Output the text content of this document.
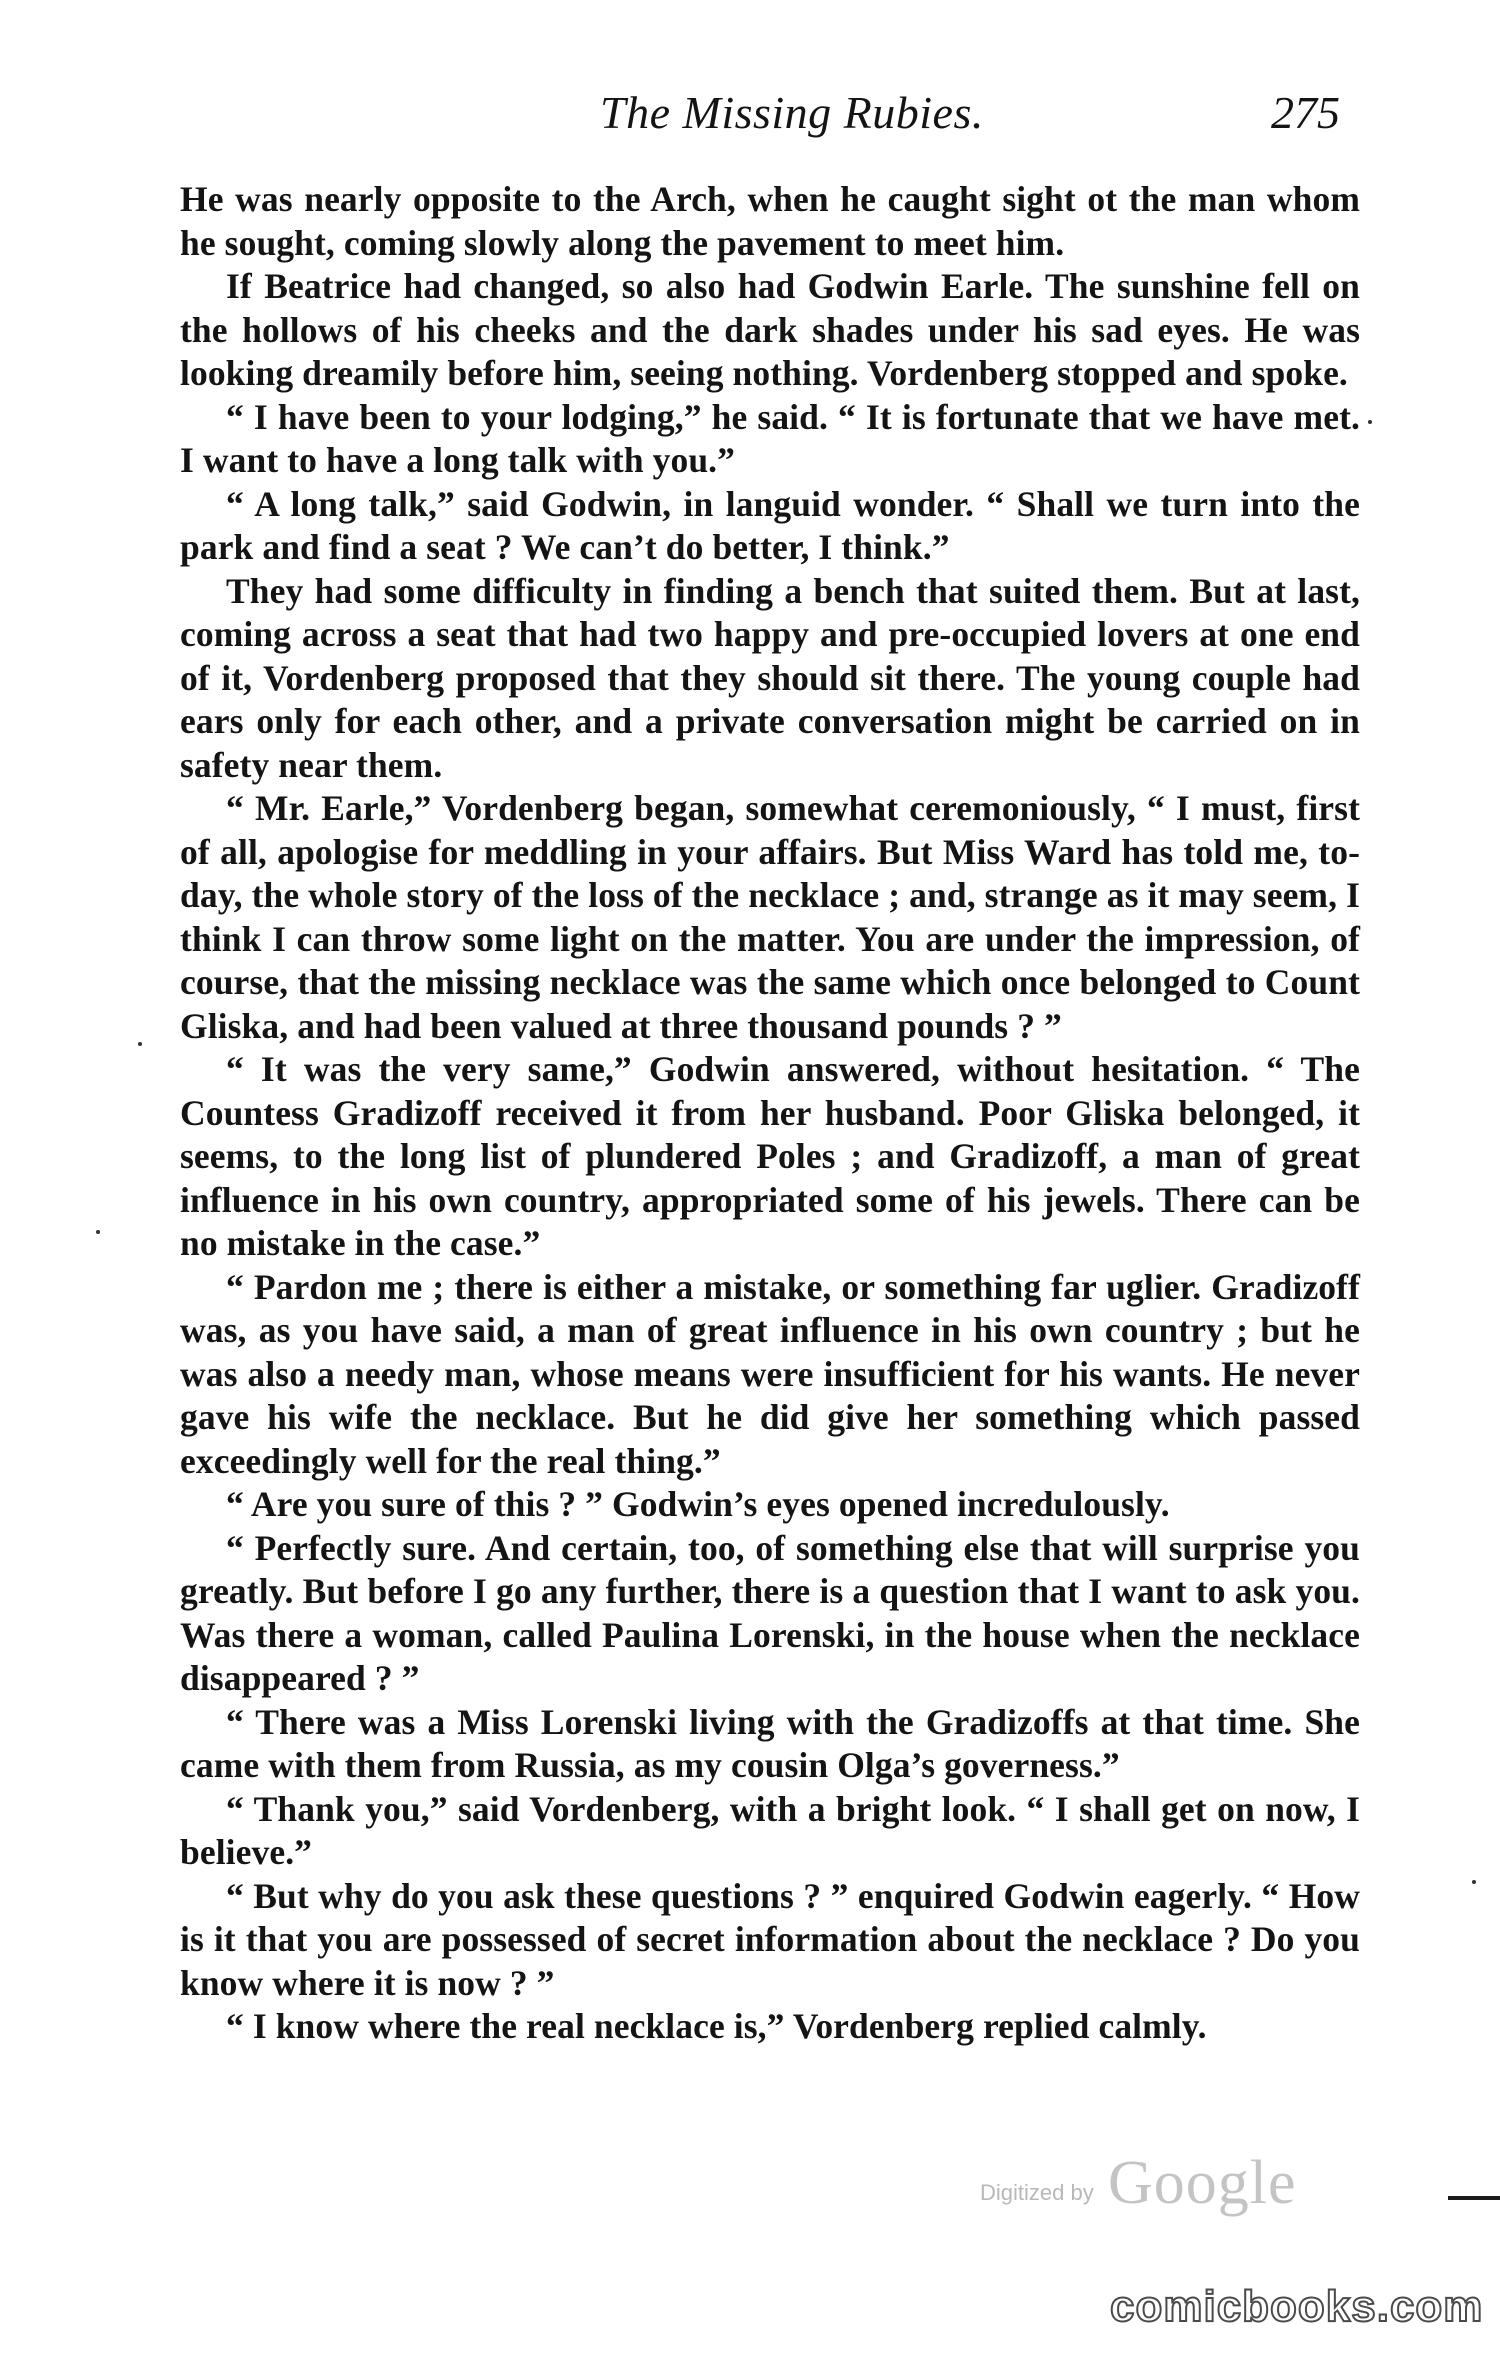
The Missing Rubies.	275

He was nearly opposite to the Arch, when he caught sight ot the man whom he sought, coming slowly along the pavement to meet him.

If Beatrice had changed, so also had Godwin Earle. The sunshine fell on the hollows of his cheeks and the dark shades under his sad eyes. He was looking dreamily before him, seeing nothing. Vordenberg stopped and spoke.

“ I have been to your lodging,” he said. “ It is fortunate that we have met. I want to have a long talk with you.”

“ A long talk,” said Godwin, in languid wonder. “ Shall we turn into the park and find a seat ? We can’t do better, I think.”

They had some difficulty in finding a bench that suited them. But at last, coming across a seat that had two happy and pre-occupied lovers at one end of it, Vordenberg proposed that they should sit there. The young couple had ears only for each other, and a private conversation might be carried on in safety near them.

“ Mr. Earle,” Vordenberg began, somewhat ceremoniously, “ I must, first of all, apologise for meddling in your affairs. But Miss Ward has told me, to-day, the whole story of the loss of the necklace ; and, strange as it may seem, I think I can throw some light on the matter. You are under the impression, of course, that the missing necklace was the same which once belonged to Count Gliska, and had been valued at three thousand pounds ? ”

“ It was the very same,” Godwin answered, without hesitation. “ The Countess Gradizoff received it from her husband. Poor Gliska belonged, it seems, to the long list of plundered Poles ; and Gradizoff, a man of great influence in his own country, appropriated some of his jewels. There can be no mistake in the case.”

“ Pardon me ; there is either a mistake, or something far uglier. Gradizoff was, as you have said, a man of great influence in his own country ; but he was also a needy man, whose means were insufficient for his wants. He never gave his wife the necklace. But he did give her something which passed exceedingly well for the real thing.”

“ Are you sure of this ? ” Godwin’s eyes opened incredulously.

“ Perfectly sure. And certain, too, of something else that will surprise you greatly. But before I go any further, there is a question that I want to ask you. Was there a woman, called Paulina Lorenski, in the house when the necklace disappeared ? ”

“ There was a Miss Lorenski living with the Gradizoffs at that time. She came with them from Russia, as my cousin Olga’s governess.”

“ Thank you,” said Vordenberg, with a bright look. “ I shall get on now, I believe.”

“ But why do you ask these questions ? ” enquired Godwin eagerly. “ How is it that you are possessed of secret information about the necklace ? Do you know where it is now ? ”

“ I know where the real necklace is,” Vordenberg replied calmly.

Digitized by Google
comicbooks.com
